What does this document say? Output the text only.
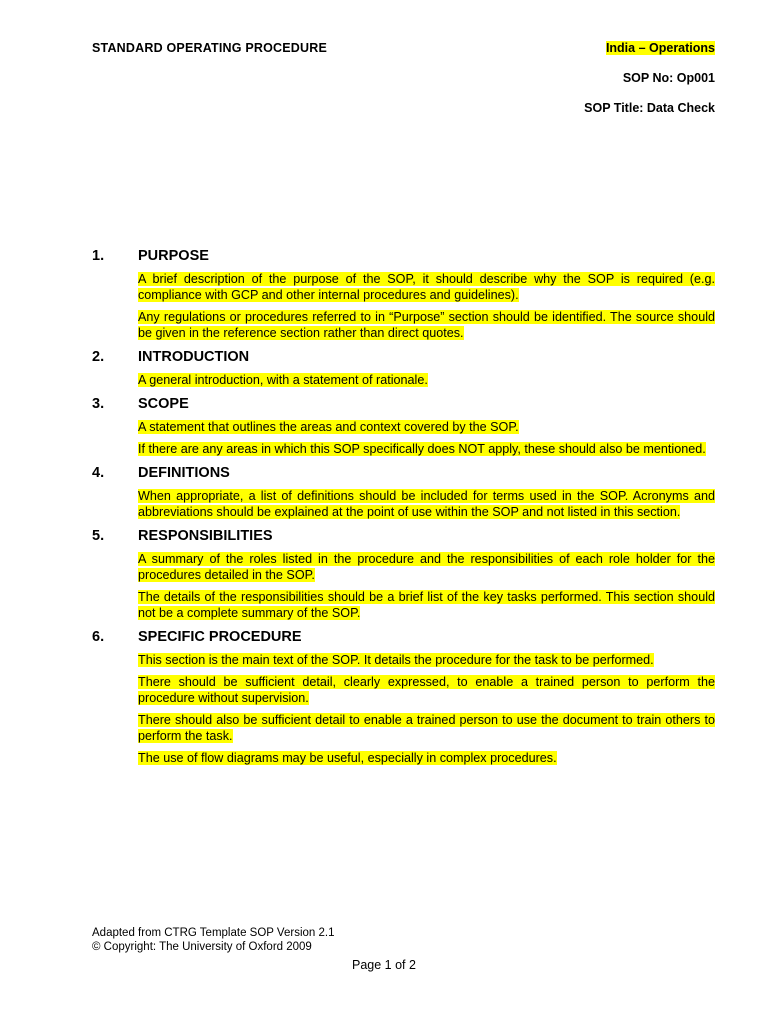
STANDARD OPERATING PROCEDURE	India – Operations
SOP No: Op001
SOP Title: Data Check
1.	PURPOSE
A brief description of the purpose of the SOP, it should describe why the SOP is required (e.g. compliance with GCP and other internal procedures and guidelines).
Any regulations or procedures referred to in “Purpose” section should be identified. The source should be given in the reference section rather than direct quotes.
2.	INTRODUCTION
A general introduction, with a statement of rationale.
3.	SCOPE
A statement that outlines the areas and context covered by the SOP.
If there are any areas in which this SOP specifically does NOT apply, these should also be mentioned.
4.	DEFINITIONS
When appropriate, a list of definitions should be included for terms used in the SOP. Acronyms and abbreviations should be explained at the point of use within the SOP and not listed in this section.
5.	RESPONSIBILITIES
A summary of the roles listed in the procedure and the responsibilities of each role holder for the procedures detailed in the SOP.
The details of the responsibilities should be a brief list of the key tasks performed. This section should not be a complete summary of the SOP.
6.	SPECIFIC PROCEDURE
This section is the main text of the SOP. It details the procedure for the task to be performed.
There should be sufficient detail, clearly expressed, to enable a trained person to perform the procedure without supervision.
There should also be sufficient detail to enable a trained person to use the document to train others to perform the task.
The use of flow diagrams may be useful, especially in complex procedures.
Adapted from CTRG Template SOP Version 2.1
© Copyright: The University of Oxford 2009
Page 1 of 2
